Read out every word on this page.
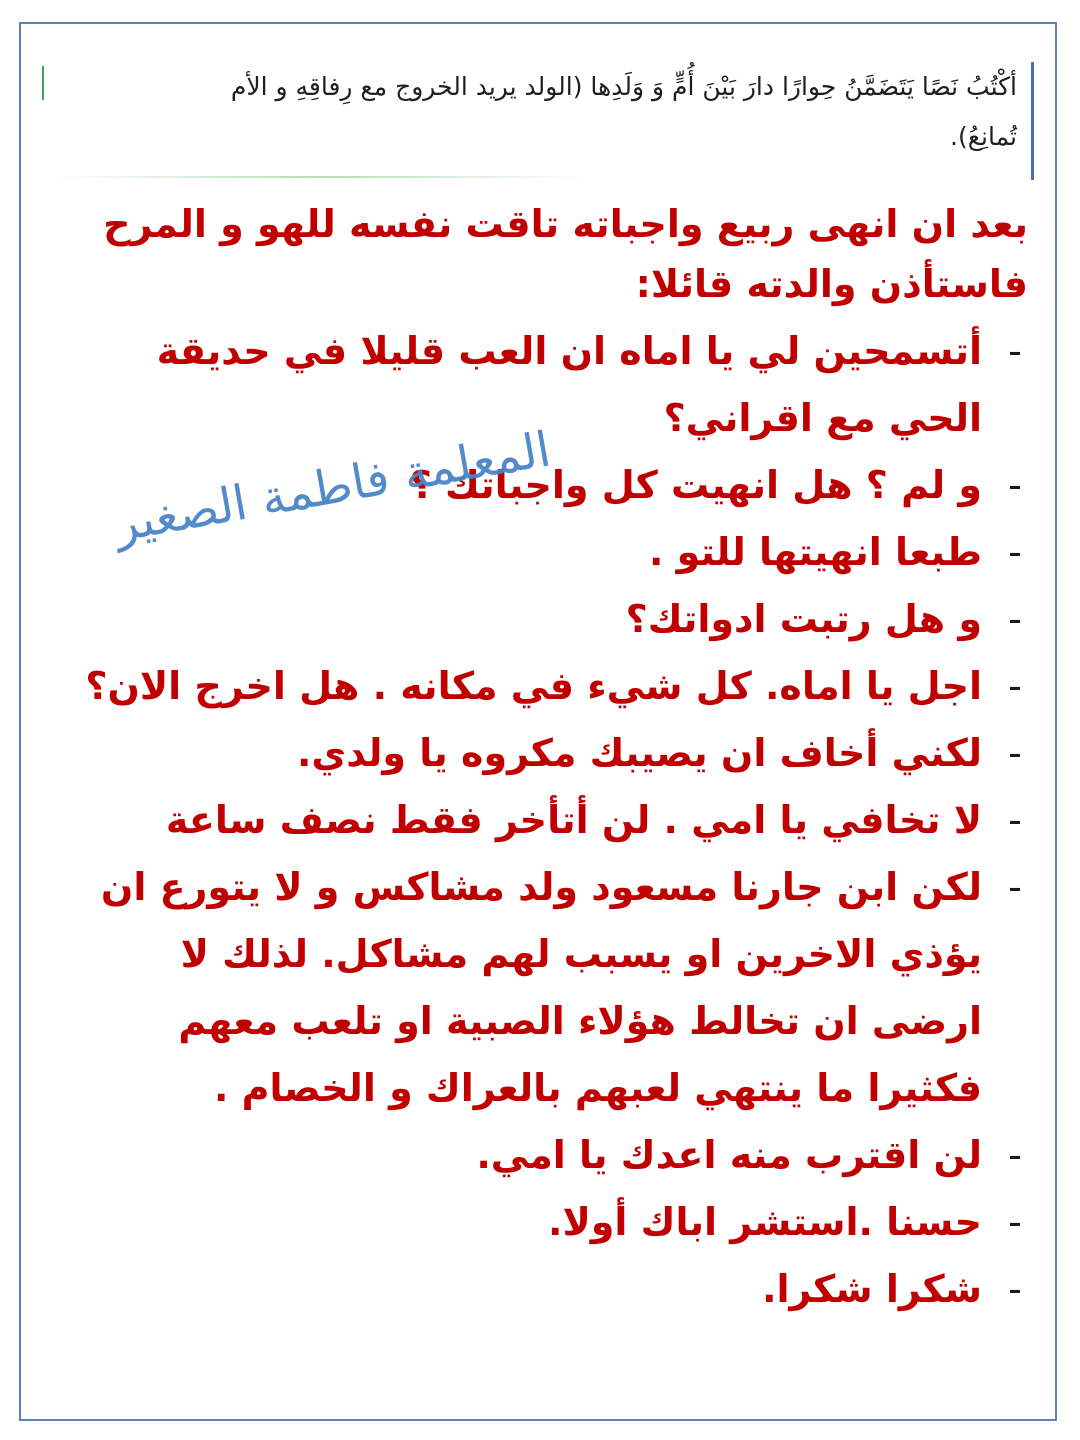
أكْتُبُ نَصًا يَتَضَمَّنُ حِوارًا دارَ بَيْنَ أُمٍّ وَ وَلَدِها (الولد يريد الخروج مع رِفاقِهِ و الأم
تُمانِعُ).

بعد ان انهى ربيع واجباته تاقت نفسه للهو و المرح فاستأذن والدته قائلا:

-
أتسمحين لي يا اماه ان العب قليلا في حديقة الحي مع اقراني؟
-
و لم ؟ هل انهيت كل واجباتك ؟
-
طبعا انهيتها للتو .
-
و هل رتبت ادواتك؟
-
اجل يا اماه. كل شيء في مكانه . هل اخرج الان؟
-
لكني أخاف ان يصيبك مكروه يا ولدي.
-
لا تخافي يا امي . لن أتأخر فقط نصف ساعة
-
لكن ابن جارنا مسعود ولد مشاكس و لا يتورع ان يؤذي الاخرين او يسبب لهم مشاكل. لذلك لا ارضى ان تخالط هؤلاء الصبية او تلعب معهم فكثيرا ما ينتهي لعبهم بالعراك و الخصام .
-
لن اقترب منه اعدك يا امي.
-
حسنا .استشر اباك أولا.
-
شكرا شكرا.
المعلمة فاطمة الصغير
